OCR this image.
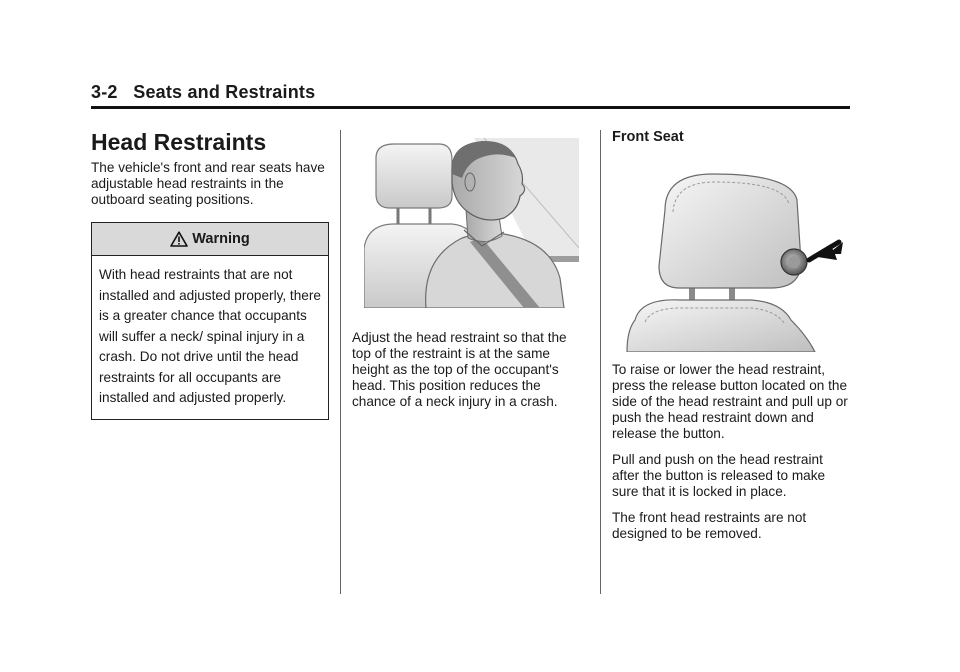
3-2 Seats and Restraints
Head Restraints

The vehicle's front and rear seats have adjustable head restraints in the outboard seating positions.

Warning
With head restraints that are not installed and adjusted properly, there is a greater chance that occupants will suffer a neck/ spinal injury in a crash. Do not drive until the head restraints for all occupants are installed and adjusted properly.

Adjust the head restraint so that the top of the restraint is at the same height as the top of the occupant's head. This position reduces the chance of a neck injury in a crash.

Front Seat

To raise or lower the head restraint, press the release button located on the side of the head restraint and pull up or push the head restraint down and release the button.

Pull and push on the head restraint after the button is released to make sure that it is locked in place.

The front head restraints are not designed to be removed.
